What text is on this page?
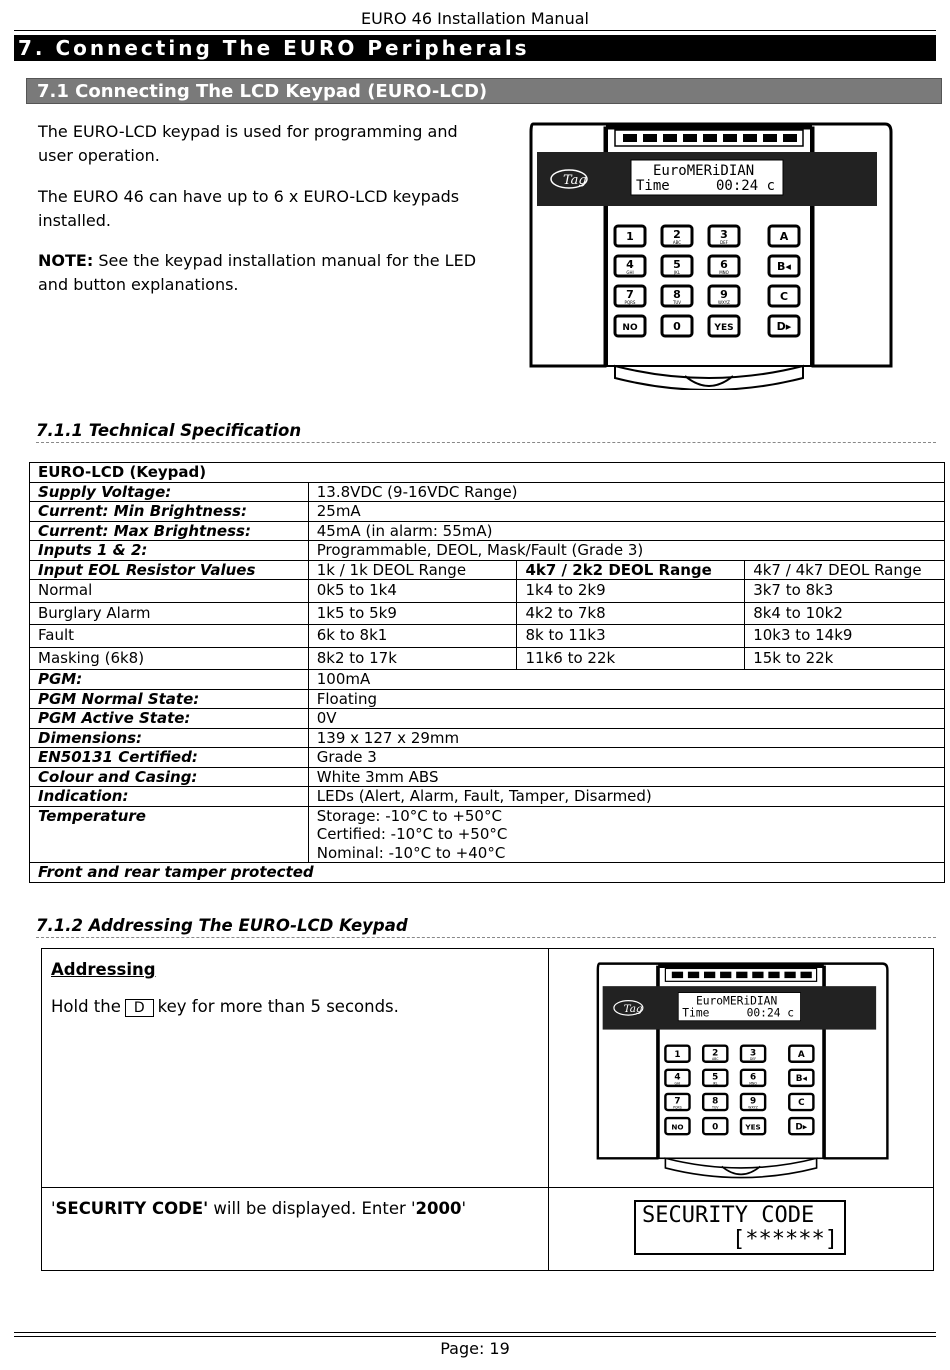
EURO 46 Installation Manual
7. Connecting The EURO Peripherals
7.1 Connecting The LCD Keypad (EURO-LCD)
The EURO-LCD keypad is used for programming and user operation.
The EURO 46 can have up to 6 x EURO-LCD keypads installed.
NOTE: See the keypad installation manual for the LED and button explanations.
EuroMERiDIAN
Time	00:24 c
Tag
1	2
ABC
3
DEF
4
GHI
5
JKL
6
MNO
7
PQRS
8
TUV
9
WXYZ
NO	0	YES
A
B◂
C
D▸
7.1.1 Technical Specification
EURO-LCD (Keypad)			
Supply Voltage:	13.8VDC (9-16VDC Range)		
Current: Min Brightness:	25mA		
Current: Max Brightness:	45mA (in alarm: 55mA)		
Inputs 1 & 2:	Programmable, DEOL, Mask/Fault (Grade 3)		
Input EOL Resistor Values	1k / 1k DEOL Range	4k7 / 2k2 DEOL Range	4k7 / 4k7 DEOL Range
Normal	0k5 to 1k4	1k4 to 2k9	3k7 to 8k3
Burglary Alarm	1k5 to 5k9	4k2 to 7k8	8k4 to 10k2
Fault	6k to 8k1	8k to 11k3	10k3 to 14k9
Masking (6k8)	8k2 to 17k	11k6 to 22k	15k to 22k
PGM:	100mA		
PGM Normal State:	Floating		
PGM Active State:	0V		
Dimensions:	139 x 127 x 29mm		
EN50131 Certified:	Grade 3		
Colour and Casing:	White 3mm ABS		
Indication:	LEDs (Alert, Alarm, Fault, Tamper, Disarmed)		
Temperature	Storage: -10°C to +50°C
Certified: -10°C to +50°C
Nominal: -10°C to +40°C		

Front and rear tamper protected			
7.1.2 Addressing The EURO-LCD Keypad
Addressing
Hold the D key for more than 5 seconds.
'SECURITY CODE' will be displayed. Enter '2000'
EuroMERiDIAN
Time	00:24 c
Tag
1	2
ABC
3
DEF
4
GHI
5
JKL
6
MNO
7
PQRS
8
TUV
9
WXYZ
NO	0	YES
A
B◂
C
D▸
SECURITY CODE
[******]
Page: 19
